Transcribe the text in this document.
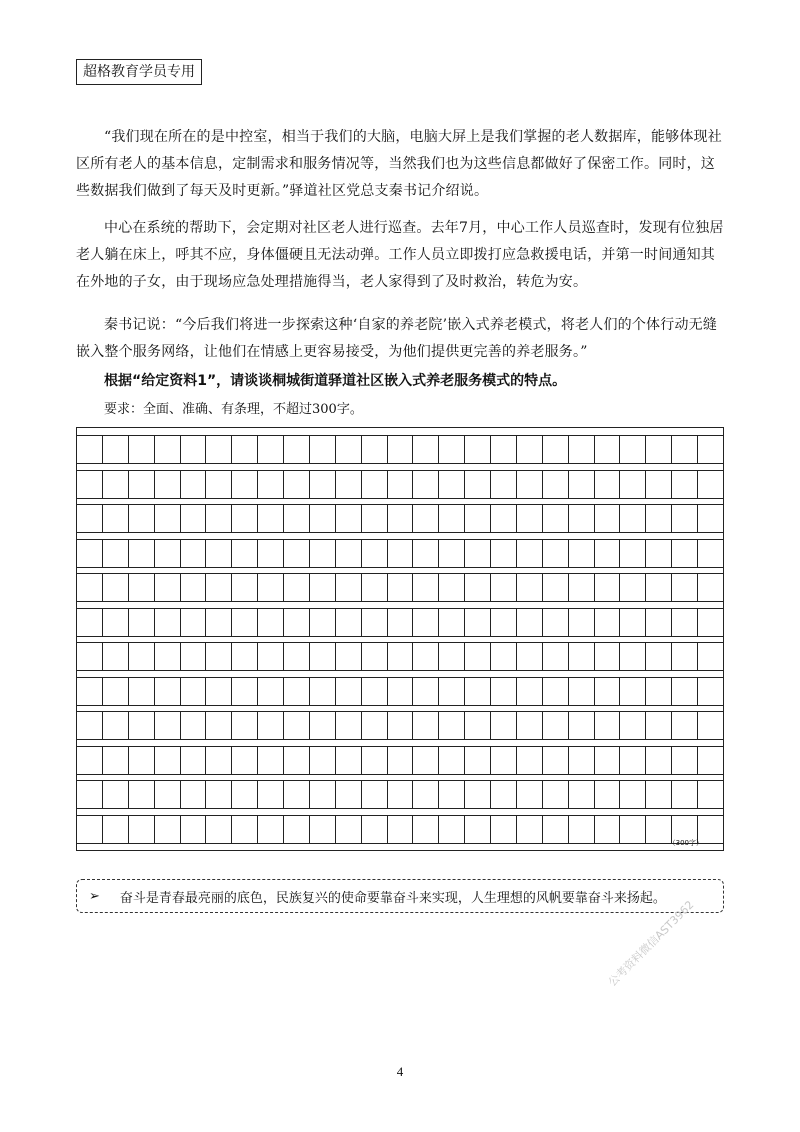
超格教育学员专用

“我们现在所在的是中控室，相当于我们的大脑，电脑大屏上是我们掌握的老人数据库，能够体现社区所有老人的基本信息，定制需求和服务情况等，当然我们也为这些信息都做好了保密工作。同时，这些数据我们做到了每天及时更新。”驿道社区党总支秦书记介绍说。

中心在系统的帮助下，会定期对社区老人进行巡查。去年7月，中心工作人员巡查时，发现有位独居老人躺在床上，呼其不应，身体僵硬且无法动弹。工作人员立即拨打应急救援电话，并第一时间通知其在外地的子女，由于现场应急处理措施得当，老人家得到了及时救治，转危为安。

秦书记说：“今后我们将进一步探索这种‘自家的养老院’嵌入式养老模式，将老人们的个体行动无缝嵌入整个服务网络，让他们在情感上更容易接受，为他们提供更完善的养老服务。”

根据“给定资料1”，请谈谈桐城街道驿道社区嵌入式养老服务模式的特点。
要求：全面、准确、有条理，不超过300字。
（300字）
➢ 奋斗是青春最亮丽的底色，民族复兴的使命要靠奋斗来实现，人生理想的风帆要靠奋斗来扬起。
4
公考资料微信AST3962
